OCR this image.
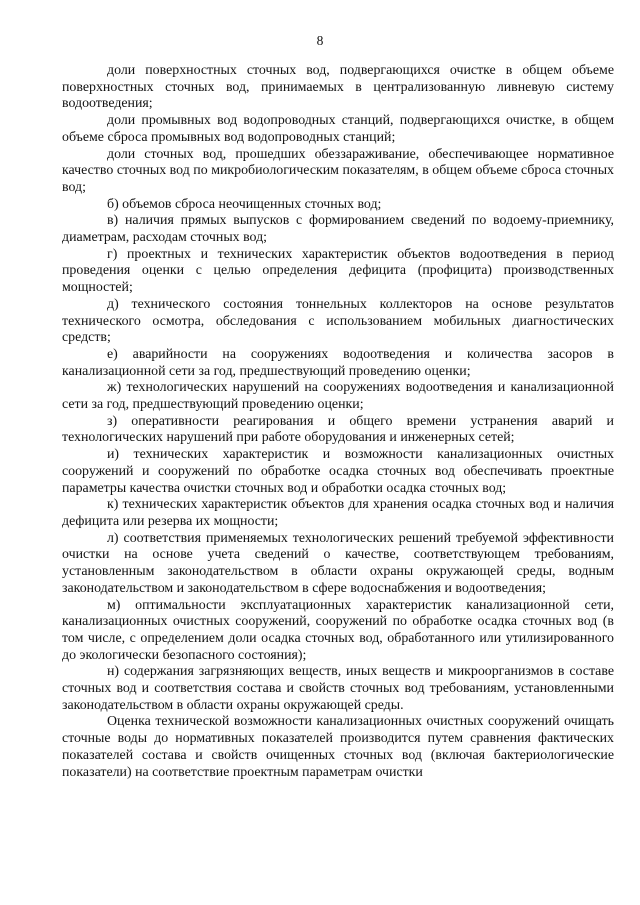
8

доли поверхностных сточных вод, подвергающихся очистке в общем объеме поверхностных сточных вод, принимаемых в централизованную ливневую систему водоотведения;

доли промывных вод водопроводных станций, подвергающихся очистке, в общем объеме сброса промывных вод водопроводных станций;

доли сточных вод, прошедших обеззараживание, обеспечивающее нормативное качество сточных вод по микробиологическим показателям, в общем объеме сброса сточных вод;

б) объемов сброса неочищенных сточных вод;

в) наличия прямых выпусков с формированием сведений по водоему-приемнику, диаметрам, расходам сточных вод;

г) проектных и технических характеристик объектов водоотведения в период проведения оценки с целью определения дефицита (профицита) производственных мощностей;

д) технического состояния тоннельных коллекторов на основе результатов технического осмотра, обследования с использованием мобильных диагностических средств;

е) аварийности на сооружениях водоотведения и количества засоров в канализационной сети за год, предшествующий проведению оценки;

ж) технологических нарушений на сооружениях водоотведения и канализационной сети за год, предшествующий проведению оценки;

з) оперативности реагирования и общего времени устранения аварий и технологических нарушений при работе оборудования и инженерных сетей;

и) технических характеристик и возможности канализационных очистных сооружений и сооружений по обработке осадка сточных вод обеспечивать проектные параметры качества очистки сточных вод и обработки осадка сточных вод;

к) технических характеристик объектов для хранения осадка сточных вод и наличия дефицита или резерва их мощности;

л) соответствия применяемых технологических решений требуемой эффективности очистки на основе учета сведений о качестве, соответствующем требованиям, установленным законодательством в области охраны окружающей среды, водным законодательством и законодательством в сфере водоснабжения и водоотведения;

м) оптимальности эксплуатационных характеристик канализационной сети, канализационных очистных сооружений, сооружений по обработке осадка сточных вод (в том числе, с определением доли осадка сточных вод, обработанного или утилизированного до экологически безопасного состояния);

н) содержания загрязняющих веществ, иных веществ и микроорганизмов в составе сточных вод и соответствия состава и свойств сточных вод требованиям, установленными законодательством в области охраны окружающей среды.

Оценка технической возможности канализационных очистных сооружений очищать сточные воды до нормативных показателей производится путем сравнения фактических показателей состава и свойств очищенных сточных вод (включая бактериологические показатели) на соответствие проектным параметрам очистки
